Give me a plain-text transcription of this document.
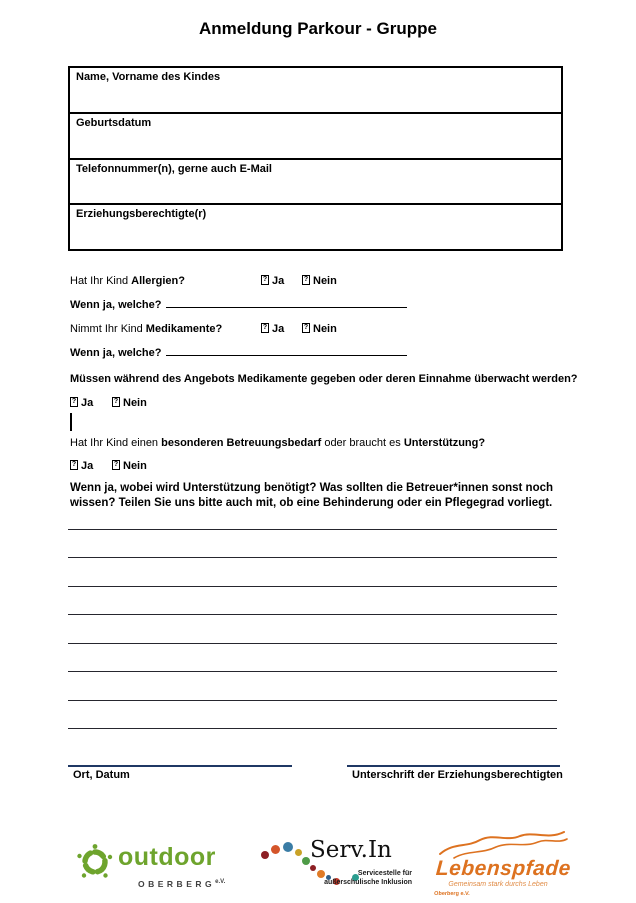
Anmeldung Parkour - Gruppe
Name, Vorname des Kindes
Geburtsdatum
Telefonnummer(n), gerne auch E-Mail
Erziehungsberechtigte(r)
Hat Ihr Kind Allergien?	? Ja	? Nein
Wenn ja, welche?
Nimmt Ihr Kind Medikamente?	? Ja	? Nein
Wenn ja, welche?
Müssen während des Angebots Medikamente gegeben oder deren Einnahme überwacht werden?
? Ja	? Nein
Hat Ihr Kind einen besonderen Betreuungsbedarf oder braucht es Unterstützung?
? Ja	? Nein
Wenn ja, wobei wird Unterstützung benötigt? Was sollten die Betreuer*innen sonst noch wissen? Teilen Sie uns bitte auch mit, ob eine Behinderung oder ein Pflegegrad vorliegt.
Ort, Datum	Unterschrift der Erziehungsberechtigten
outdoor
$OBERBERG^{e.V.}$
Serv.In
Servicestelle für
außerschulische Inklusion
Lebenspfade Oberberg e.V.
Gemeinsam stark durchs Leben
